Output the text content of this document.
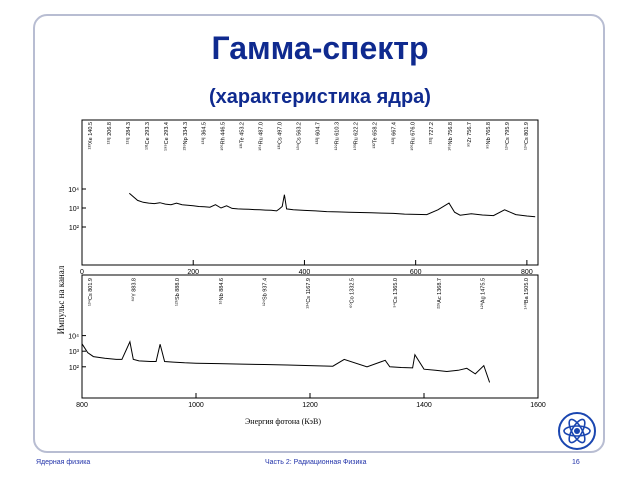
Гамма-спектр
(характеристика ядра)
0	200	400	600	800
10²
10³
10⁴
¹³³Xe 140.5 ¹³¹I 206.8 ¹³¹I 284.3 ¹³¹Ce 293.3 ¹⁹⁹Ce 293.4 ²³⁹Np 334.3 ¹³¹I 364.5 ¹⁰⁵Rh 446.5 ¹³¹Te 453.2 ¹⁰⁴Ru 487.0 ¹³¹Cs 497.0 ¹³⁴Cs 563.2 ¹³²I 604.7 ¹²⁹Ru 610.3 ¹⁰³Ru 622.2 ¹³²Te 658.2 ¹³²I 667.4 ¹⁰⁵Ru 676.0 ¹³²I 727.2 ¹⁰⁹Nb 756.8 ⁹⁵Zr 756.7 ⁹⁵Nb 765.8 ¹³⁴Cs 795.9 ¹³⁴Cs 801.9
800	1000	1200	1400	1600
10²
10³
10⁴
¹³⁴Cs 801.9	⁸⁹Y 883.8	¹²⁶Sb 888.0	¹⁶Nb 884.6	¹²⁴Sb 937.4	¹³⁴Cs 1167.9	⁶⁰Co 1332.5	⁹⁴Cs 1365.0	²²⁸Ac 1368.7	¹²⁸Ag 1475.5	¹⁴⁰Ba 1505.0
Импульс на канал
Энергия фотона (КэВ)
Ядерная физика	Часть 2: Радиационная Физика	16
